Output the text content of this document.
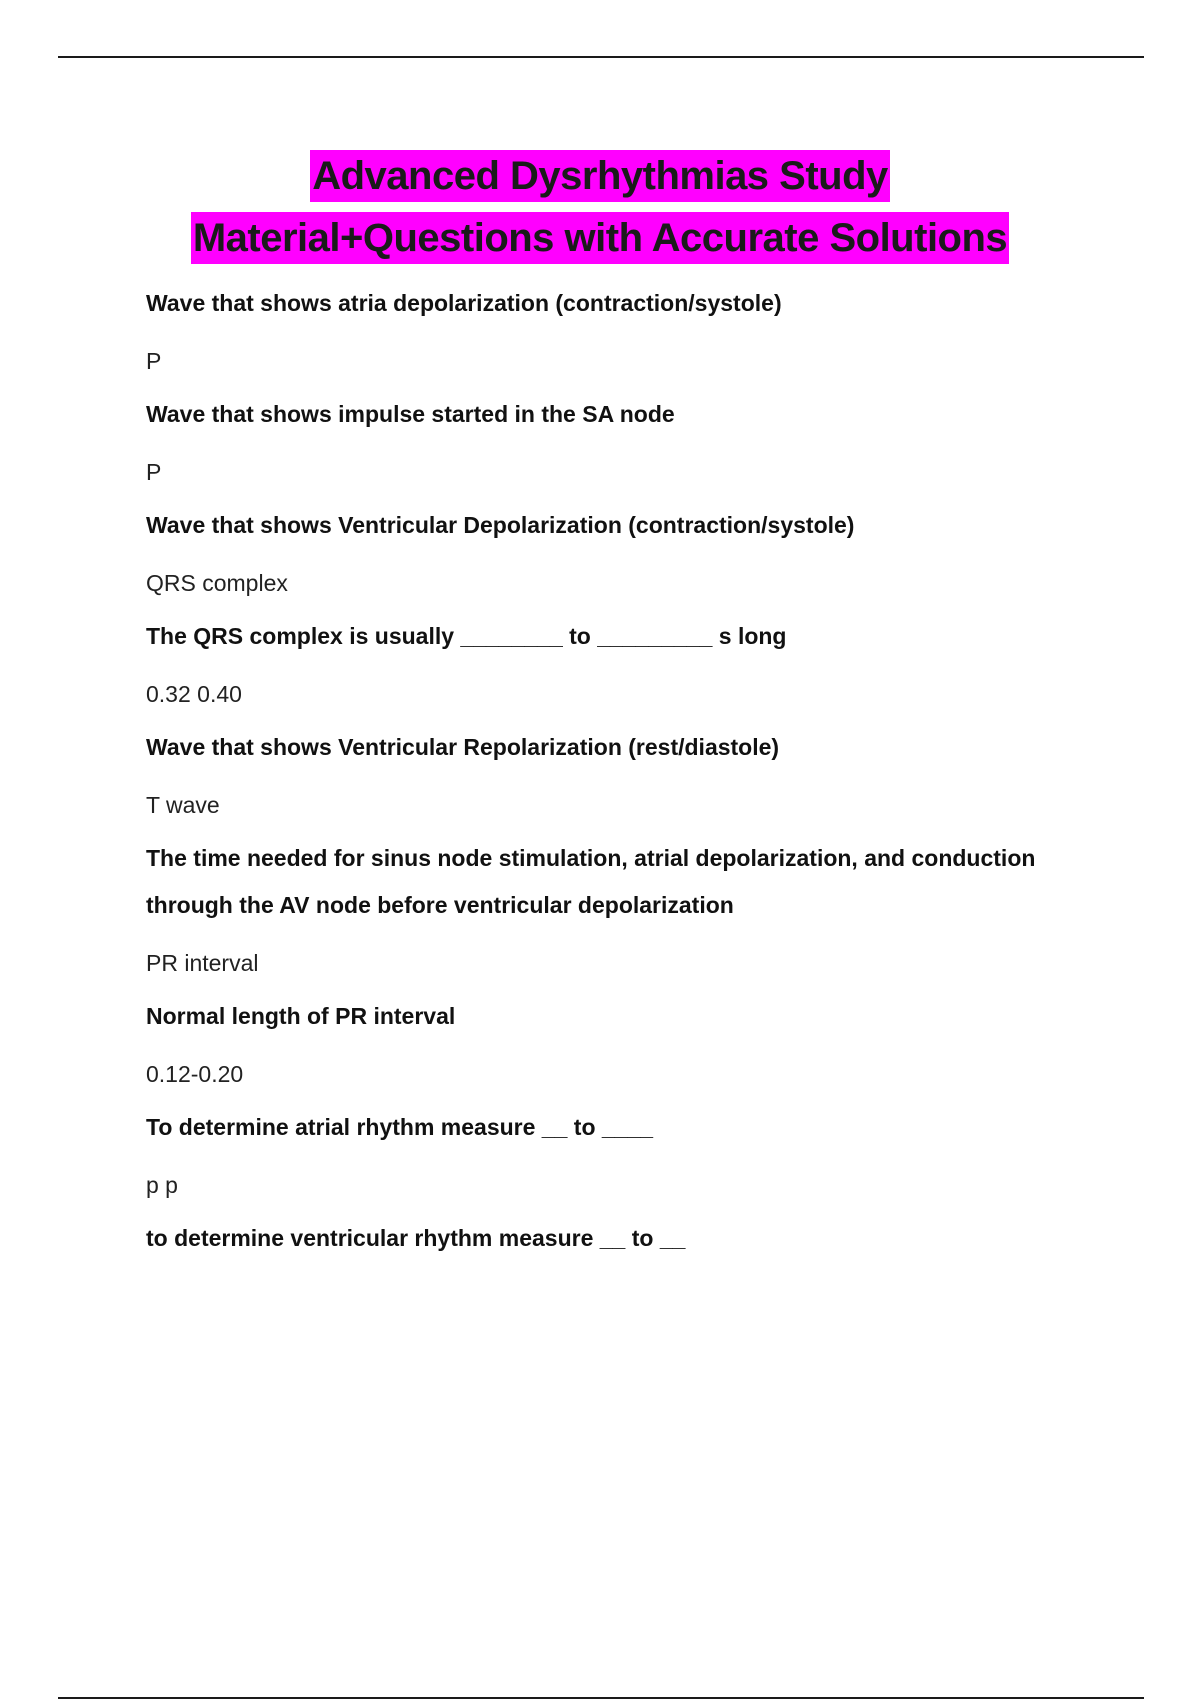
Advanced Dysrhythmias Study
Material+Questions with Accurate Solutions

Wave that shows atria depolarization (contraction/systole)

P

Wave that shows impulse started in the SA node

P

Wave that shows Ventricular Depolarization (contraction/systole)

QRS complex

The QRS complex is usually ________ to _________ s long

0.32 0.40

Wave that shows Ventricular Repolarization (rest/diastole)

T wave

The time needed for sinus node stimulation, atrial depolarization, and conduction through the AV node before ventricular depolarization

PR interval

Normal length of PR interval

0.12-0.20

To determine atrial rhythm measure __ to ____

p p

to determine ventricular rhythm measure __ to __
